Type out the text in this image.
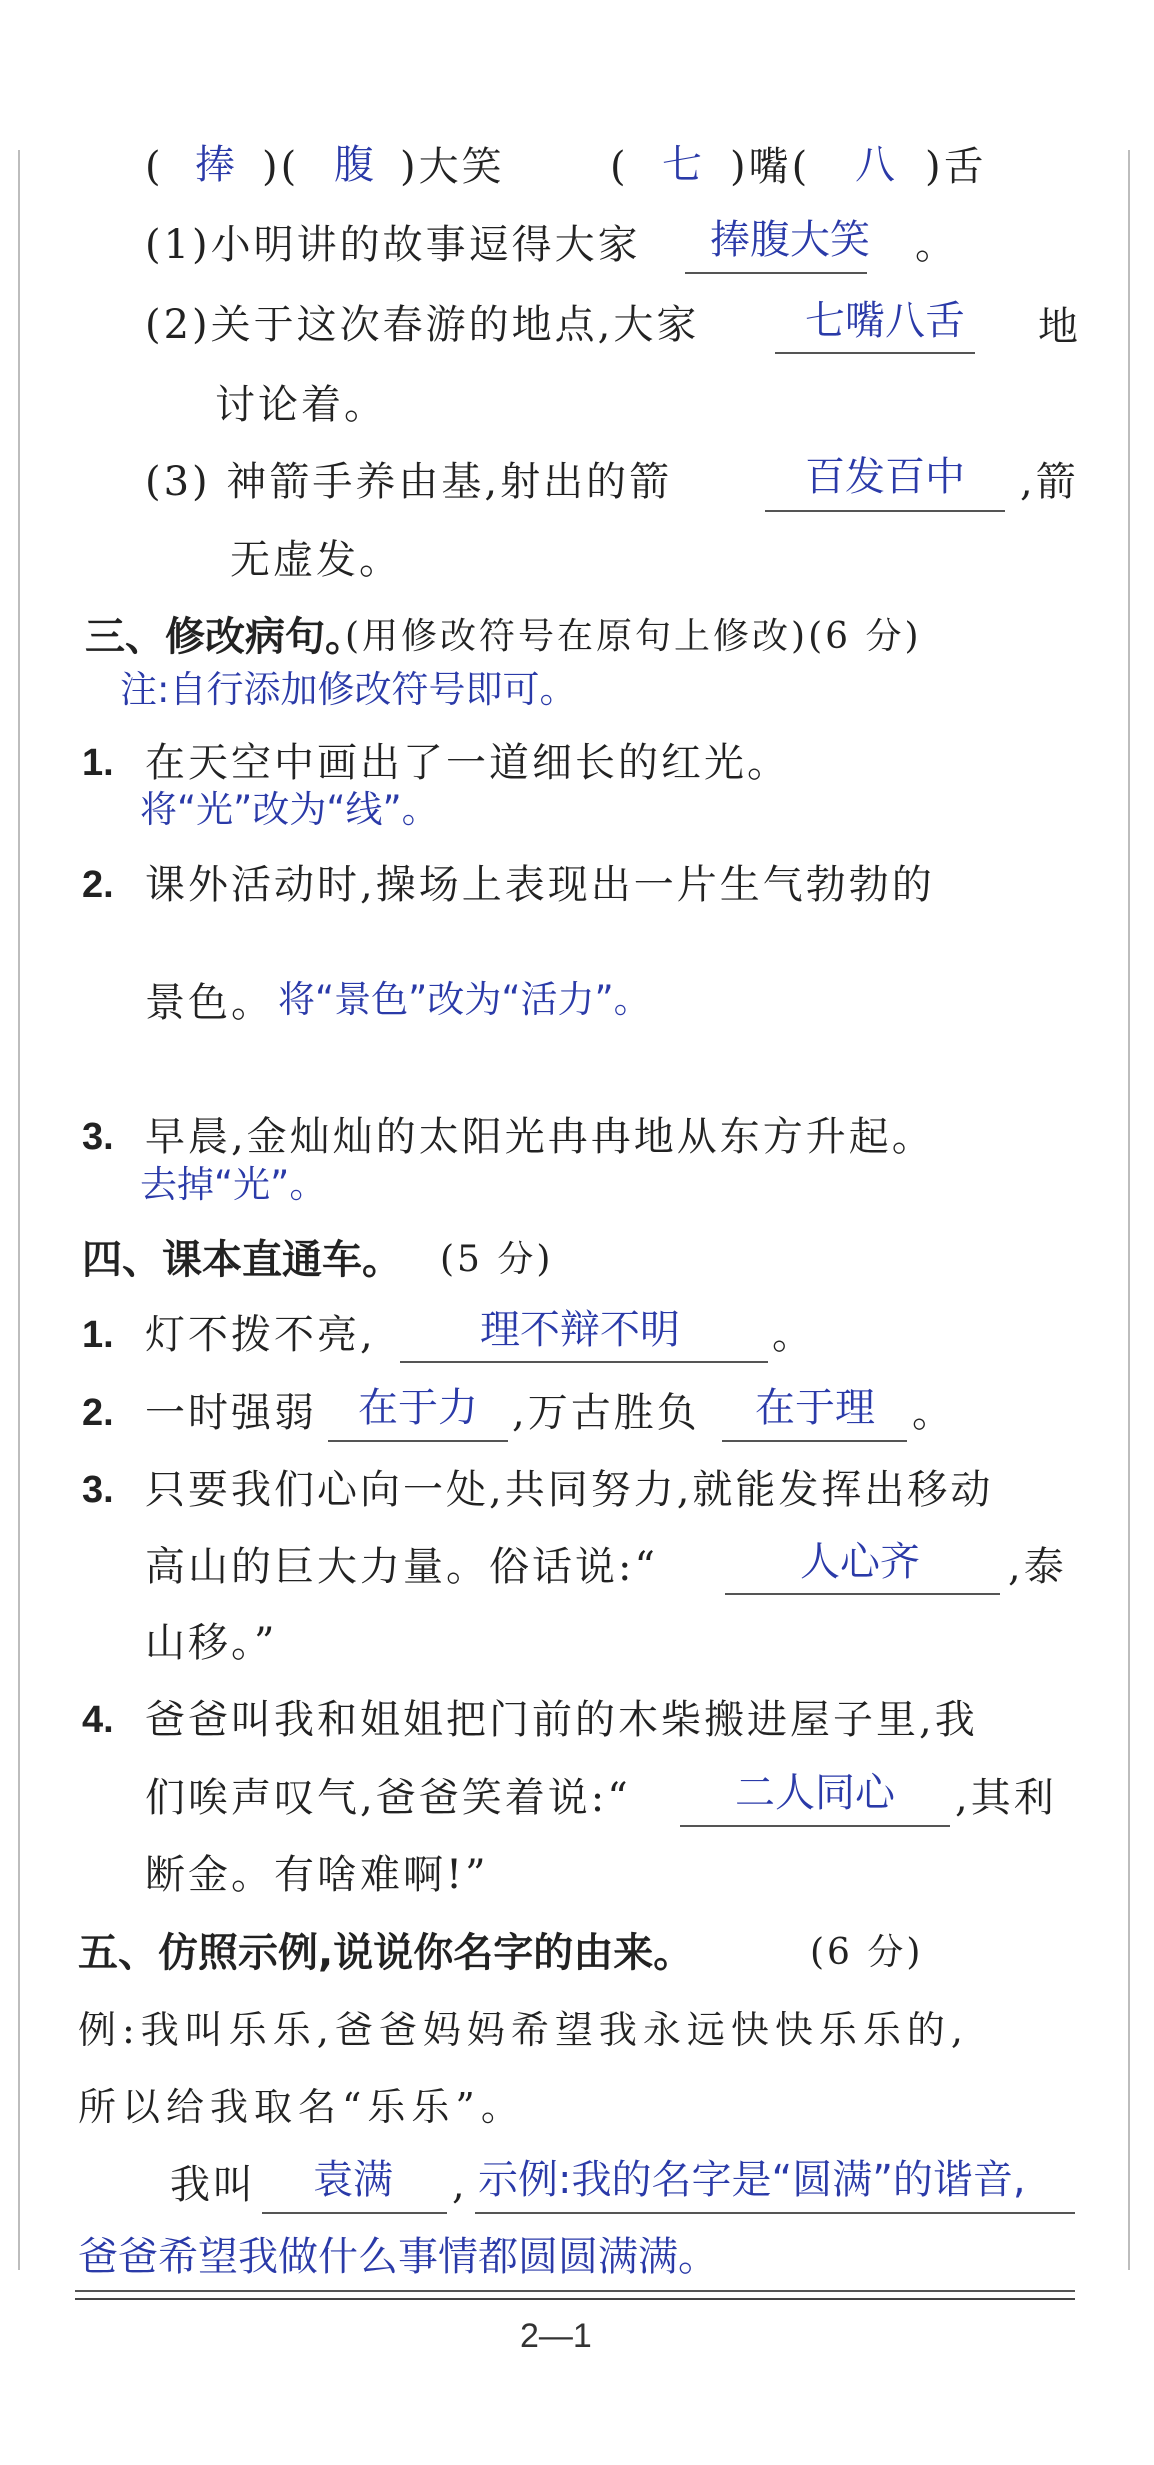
( 捧 )( 腹 )大笑	( 七 )嘴( 八 )舌
(1)小明讲的故事逗得大家 捧腹大笑 。
(2)关于这次春游的地点,大家	七嘴八舌 地
讨论着。
(3) 神箭手养由基,射出的箭	百发百中 ,箭
无虚发。
三、修改病句。
(用修改符号在原句上修改)(6 分)
注:自行添加修改符号即可。
1. 在天空中画出了一道细长的红光。
将“光”改为“线”。
2. 课外活动时,操场上表现出一片生气勃勃的
景色。 将“景色”改为“活力”。
3. 早晨,金灿灿的太阳光冉冉地从东方升起。
去掉“光”。
四、课本直通车。 (5 分)
1. 灯不拨不亮,	理不辩不明 。
2. 一时强弱 在于力 ,万古胜负 在于理 。
3. 只要我们心向一处,共同努力,就能发挥出移动
高山的巨大力量。俗话说:“	人心齐 ,泰
山移。”
4. 爸爸叫我和姐姐把门前的木柴搬进屋子里,我
们唉声叹气,爸爸笑着说:“	二人同心 ,其利
断金。有啥难啊!”
五、仿照示例,说说你名字的由来。	(6 分)
例:我叫乐乐,爸爸妈妈希望我永远快快乐乐的,
所以给我取名“乐乐”。
我叫 袁满 , 示例:我的名字是“圆满”的谐音,
爸爸希望我做什么事情都圆圆满满。
2—1
